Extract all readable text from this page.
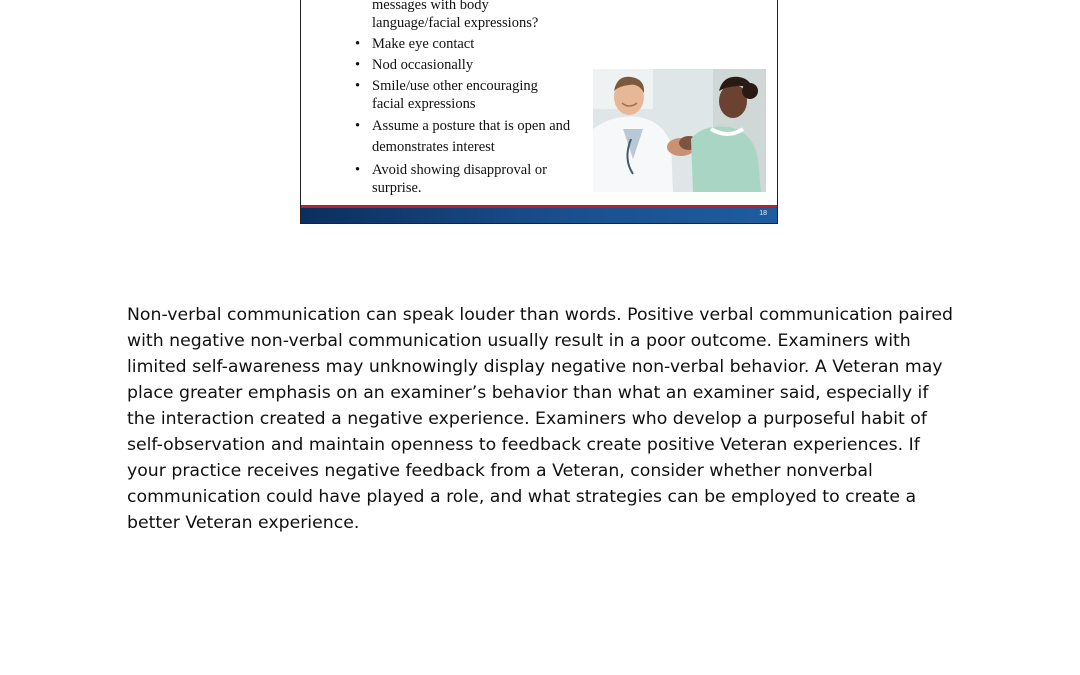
messages with body
language/facial expressions?
• Make eye contact
• Nod occasionally
• Smile/use other encouraging
facial expressions
• Assume a posture that is open and
demonstrates interest
• Avoid showing disapproval or
surprise.
18
Non-verbal communication can speak louder than words. Positive verbal communication paired with negative non-verbal communication usually result in a poor outcome. Examiners with limited self-awareness may unknowingly display negative non-verbal behavior. A Veteran may place greater emphasis on an examiner’s behavior than what an examiner said, especially if the interaction created a negative experience. Examiners who develop a purposeful habit of self-observation and maintain openness to feedback create positive Veteran experiences. If your practice receives negative feedback from a Veteran, consider whether nonverbal communication could have played a role, and what strategies can be employed to create a better Veteran experience.
